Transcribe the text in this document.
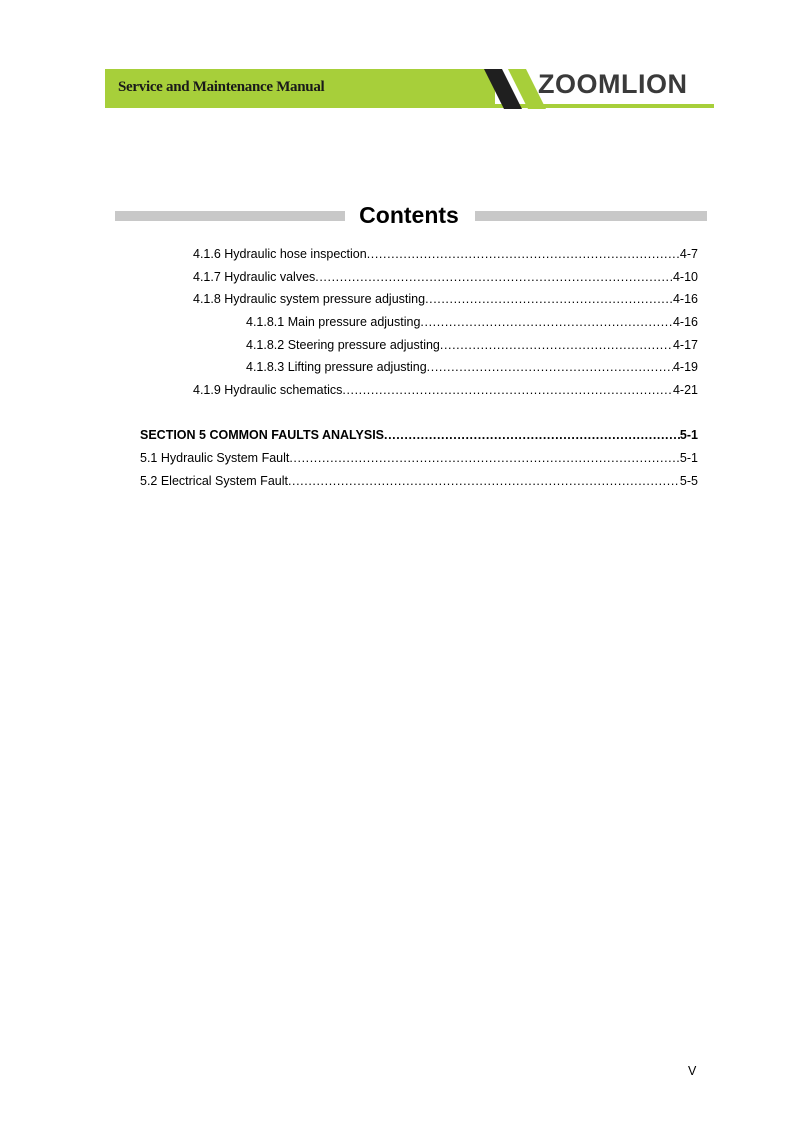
Service and Maintenance Manual	ZOOMLION
Contents
4.1.6 Hydraulic hose inspection .....	4-7
4.1.7 Hydraulic valves .....	4-10
4.1.8 Hydraulic system pressure adjusting .....	4-16
4.1.8.1 Main pressure adjusting .....	4-16
4.1.8.2 Steering pressure adjusting .....	4-17
4.1.8.3 Lifting pressure adjusting .....	4-19
4.1.9 Hydraulic schematics .....	4-21
SECTION 5 COMMON FAULTS ANALYSIS .....	5-1
5.1 Hydraulic System Fault .....	5-1
5.2 Electrical System Fault .....	5-5
V
